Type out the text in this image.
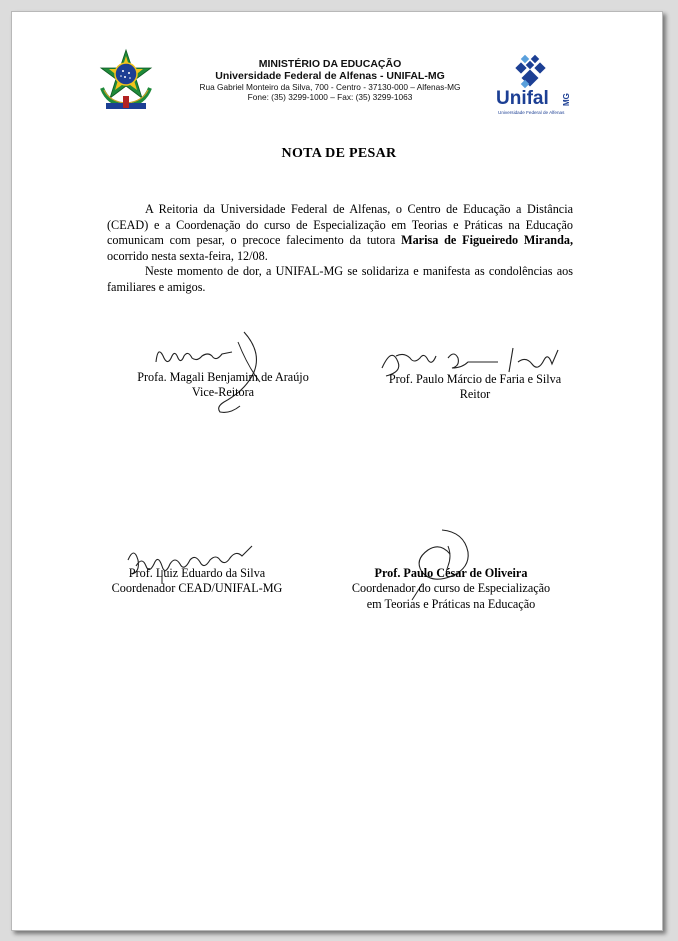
MINISTÉRIO DA EDUCAÇÃO
Universidade Federal de Alfenas - UNIFAL-MG
Rua Gabriel Monteiro da Silva, 700 - Centro - 37130-000 – Alfenas-MG
Fone: (35) 3299-1000 – Fax: (35) 3299-1063	Unifal MG
Universidade Federal de Alfenas
NOTA DE PESAR

A Reitoria da Universidade Federal de Alfenas, o Centro de Educação a Distância (CEAD) e a Coordenação do curso de Especialização em Teorias e Práticas na Educação comunicam com pesar, o precoce falecimento da tutora Marisa de Figueiredo Miranda, ocorrido nesta sexta-feira, 12/08.

Neste momento de dor, a UNIFAL-MG se solidariza e manifesta as condolências aos familiares e amigos.

Profa. Magali Benjamim de Araújo
Vice-Reitora
Prof. Paulo Márcio de Faria e Silva
Reitor
Prof. Luiz Eduardo da Silva
Coordenador CEAD/UNIFAL-MG
Prof. Paulo César de Oliveira
Coordenador do curso de Especialização
em Teorias e Práticas na Educação
